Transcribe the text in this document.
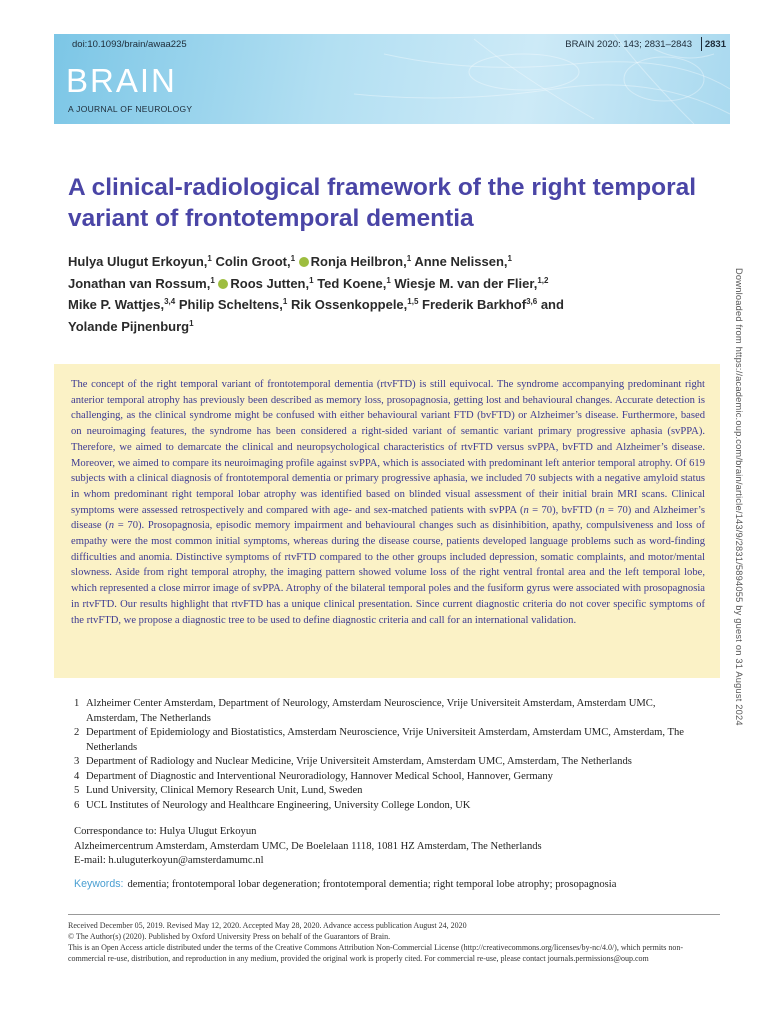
doi:10.1093/brain/awaa225	BRAIN 2020: 143; 2831–2843 2831
BRAIN
A JOURNAL OF NEUROLOGY
A clinical-radiological framework of the right temporal variant of frontotemporal dementia
Hulya Ulugut Erkoyun,$^1$ Colin Groot,$^1$ Ronja Heilbron,$^1$ Anne Nelissen,$^1$
Jonathan van Rossum,$^1$ Roos Jutten,$^1$ Ted Koene,$^1$ Wiesje M. van der Flier,$^{1,2}$
Mike P. Wattjes,$^{3,4}$ Philip Scheltens,$^1$ Rik Ossenkoppele,$^{1,5}$ Frederik Barkhof$^{3,6}$ and
Yolande Pijnenburg$^1$

The concept of the right temporal variant of frontotemporal dementia (rtvFTD) is still equivocal. The syndrome accompanying predominant right anterior temporal atrophy has previously been described as memory loss, prosopagnosia, getting lost and behavioural changes. Accurate detection is challenging, as the clinical syndrome might be confused with either behavioural variant FTD (bvFTD) or Alzheimer’s disease. Furthermore, based on neuroimaging features, the syndrome has been considered a right-sided variant of semantic variant primary progressive aphasia (svPPA). Therefore, we aimed to demarcate the clinical and neuropsychological characteristics of rtvFTD versus svPPA, bvFTD and Alzheimer’s disease. Moreover, we aimed to compare its neuroimaging profile against svPPA, which is associated with predominant left anterior temporal atrophy. Of 619 subjects with a clinical diagnosis of frontotemporal dementia or primary progressive aphasia, we included 70 subjects with a negative amyloid status in whom predominant right temporal lobar atrophy was identified based on blinded visual assessment of their initial brain MRI scans. Clinical symptoms were assessed retrospectively and compared with age- and sex-matched patients with svPPA (n = 70), bvFTD (n = 70) and Alzheimer’s disease (n = 70). Prosopagnosia, episodic memory impairment and behavioural changes such as disinhibition, apathy, compulsiveness and loss of empathy were the most common initial symptoms, whereas during the disease course, patients developed language problems such as word-finding difficulties and anomia. Distinctive symptoms of rtvFTD compared to the other groups included depression, somatic complaints, and motor/mental slowness. Aside from right temporal atrophy, the imaging pattern showed volume loss of the right ventral frontal area and the left temporal lobe, which represented a close mirror image of svPPA. Atrophy of the bilateral temporal poles and the fusiform gyrus were associated with prosopagnosia in rtvFTD. Our results highlight that rtvFTD has a unique clinical presentation. Since current diagnostic criteria do not cover specific symptoms of the rtvFTD, we propose a diagnostic tree to be used to define diagnostic criteria and call for an international validation.

1 Alzheimer Center Amsterdam, Department of Neurology, Amsterdam Neuroscience, Vrije Universiteit Amsterdam, Amsterdam UMC, Amsterdam, The Netherlands
2 Department of Epidemiology and Biostatistics, Amsterdam Neuroscience, Vrije Universiteit Amsterdam, Amsterdam UMC, Amsterdam, The Netherlands
3 Department of Radiology and Nuclear Medicine, Vrije Universiteit Amsterdam, Amsterdam UMC, Amsterdam, The Netherlands
4 Department of Diagnostic and Interventional Neuroradiology, Hannover Medical School, Hannover, Germany
5 Lund University, Clinical Memory Research Unit, Lund, Sweden
6 UCL Institutes of Neurology and Healthcare Engineering, University College London, UK
Correspondance to: Hulya Ulugut Erkoyun
Alzheimercentrum Amsterdam, Amsterdam UMC, De Boelelaan 1118, 1081 HZ Amsterdam, The Netherlands
E-mail: h.uluguterkoyun@amsterdamumc.nl
Keywords: dementia; frontotemporal lobar degeneration; frontotemporal dementia; right temporal lobe atrophy; prosopagnosia
Received December 05, 2019. Revised May 12, 2020. Accepted May 28, 2020. Advance access publication August 24, 2020
© The Author(s) (2020). Published by Oxford University Press on behalf of the Guarantors of Brain.
This is an Open Access article distributed under the terms of the Creative Commons Attribution Non-Commercial License (http://creativecommons.org/licenses/by-nc/4.0/), which permits non-commercial re-use, distribution, and reproduction in any medium, provided the original work is properly cited. For commercial re-use, please contact journals.permissions@oup.com
Downloaded from https://academic.oup.com/brain/article/143/9/2831/5894055 by guest on 31 August 2024
